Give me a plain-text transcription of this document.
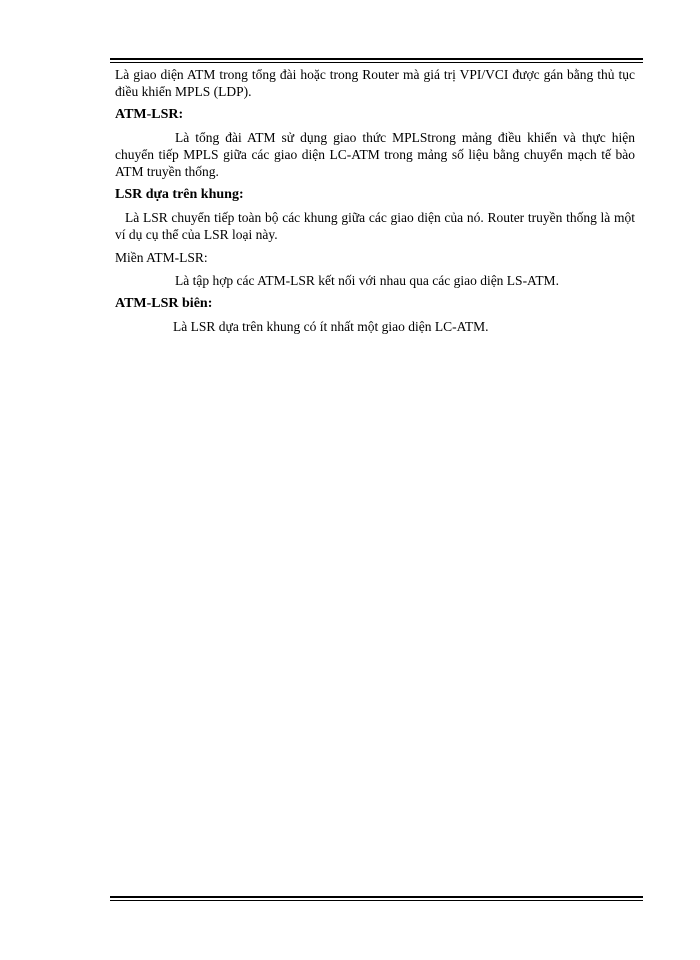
Là giao diện ATM trong tổng đài hoặc trong Router mà giá trị VPI/VCI được gán bằng thủ tục điều khiển MPLS (LDP).

ATM-LSR:

Là tổng đài ATM sử dụng giao thức MPLStrong mảng điều khiển và thực hiện chuyển tiếp MPLS giữa các giao diện LC-ATM trong mảng số liệu bằng chuyển mạch tế bào ATM truyền thống.

LSR dựa trên khung:

Là LSR chuyển tiếp toàn bộ các khung giữa các giao diện của nó. Router truyền thống là một ví dụ cụ thể của LSR loại này.

Miền ATM-LSR:

Là tập hợp các ATM-LSR kết nối với nhau qua các giao diện LS-ATM.

ATM-LSR biên:

Là LSR dựa trên khung có ít nhất một giao diện LC-ATM.
